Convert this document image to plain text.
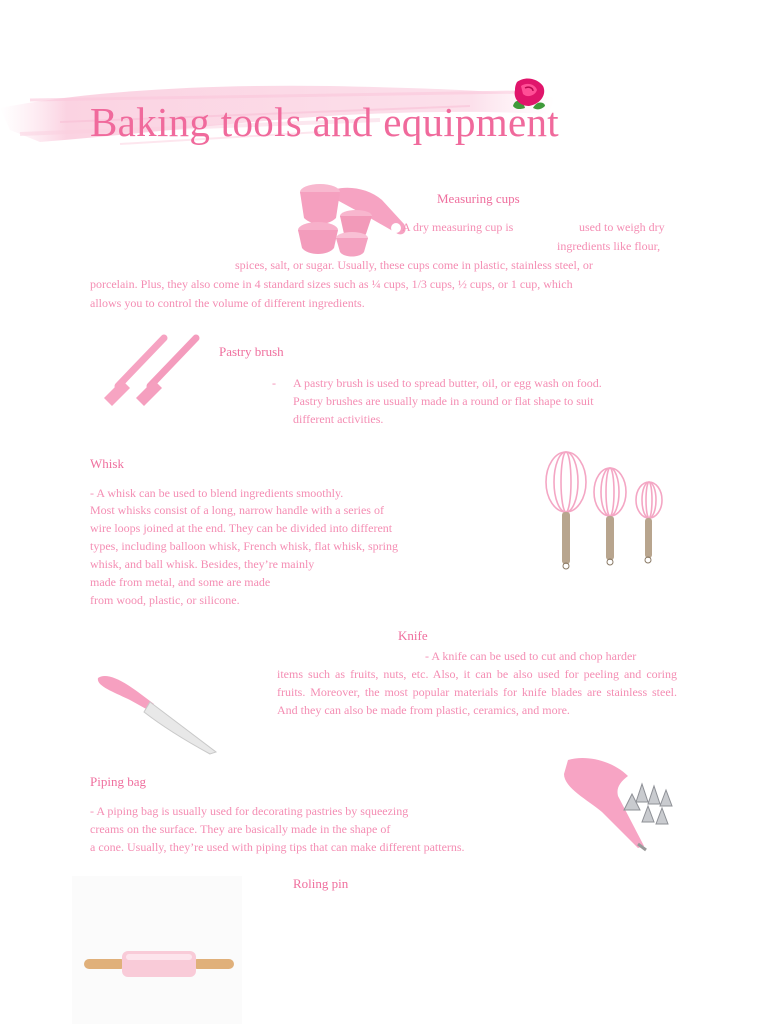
Baking tools and equipment
Measuring cups
A dry measuring cup is	used to weigh dry
ingredients like flour,
spices, salt, or sugar. Usually, these cups come in plastic, stainless steel, or
porcelain. Plus, they also come in 4 standard sizes such as ¼ cups, 1/3 cups, ½ cups, or 1 cup, which
allows you to control the volume of different ingredients.
Pastry brush
- A pastry brush is used to spread butter, oil, or egg wash on food.
Pastry brushes are usually made in a round or flat shape to suit
different activities.
Whisk
- A whisk can be used to blend ingredients smoothly.
Most whisks consist of a long, narrow handle with a series of
wire loops joined at the end. They can be divided into different
types, including balloon whisk, French whisk, flat whisk, spring
whisk, and ball whisk. Besides, they’re mainly
made from metal, and some are made
from wood, plastic, or silicone.
Knife
- A knife can be used to cut and chop harder
items such as fruits, nuts, etc. Also, it can be also used for peeling and coring fruits. Moreover, the most popular materials for knife blades are stainless steel. And they can also be made from plastic, ceramics, and more.
Piping bag
- A piping bag is usually used for decorating pastries by squeezing
creams on the surface. They are basically made in the shape of
a cone. Usually, they’re used with piping tips that can make different patterns.
Roling pin
